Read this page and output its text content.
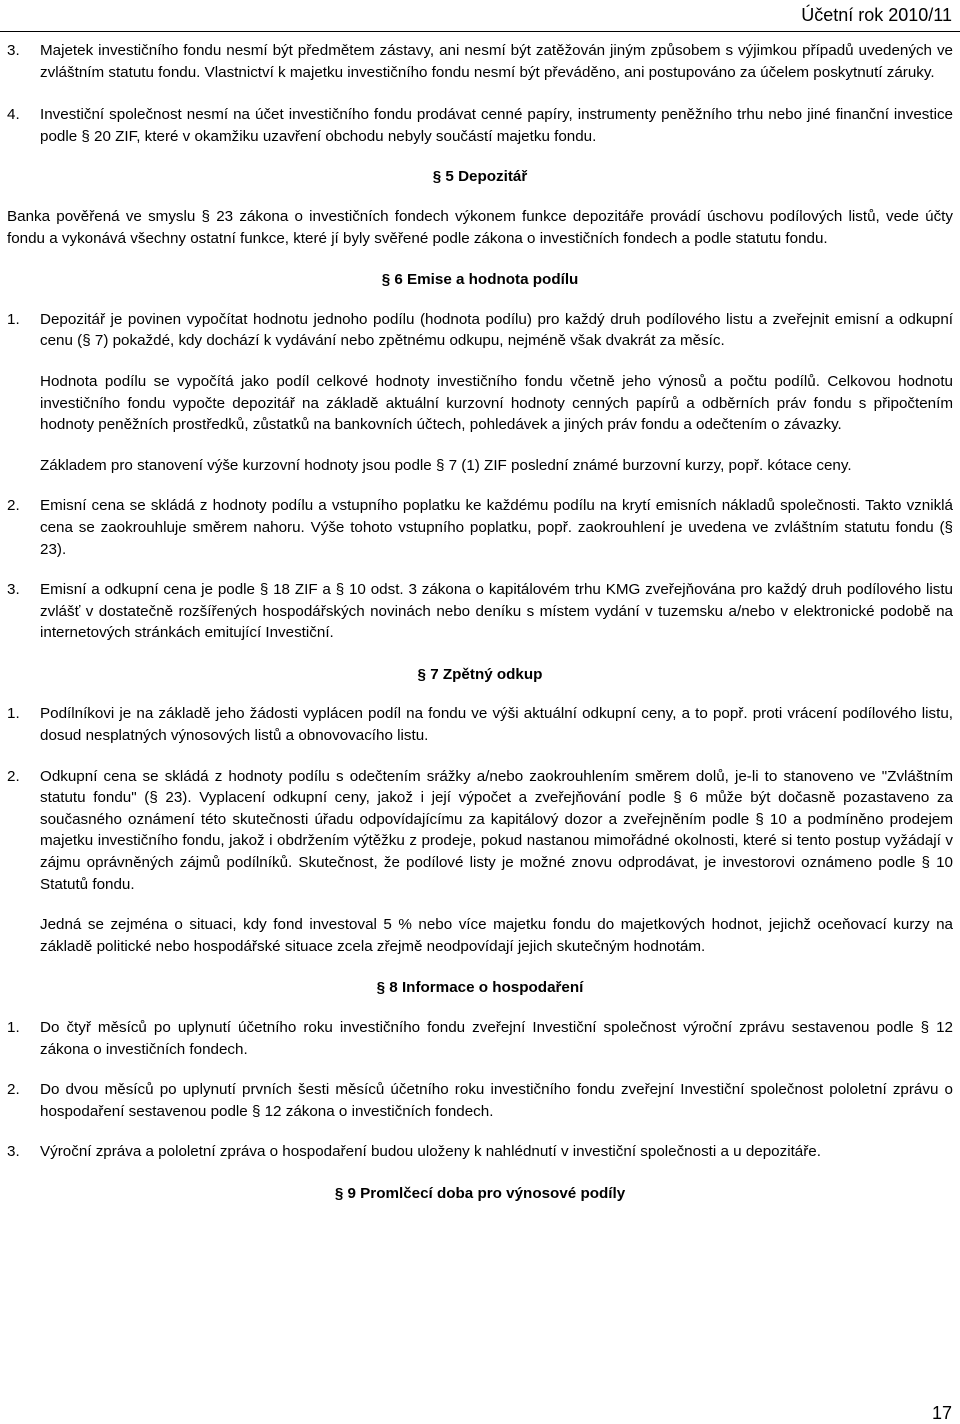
Účetní rok 2010/11
3.	Majetek investičního fondu nesmí být předmětem zástavy, ani nesmí být zatěžován jiným způsobem s výjimkou případů uvedených ve zvláštním statutu fondu. Vlastnictví k majetku investičního fondu nesmí být převáděno, ani postupováno za účelem poskytnutí záruky.
4.	Investiční společnost nesmí na účet investičního fondu prodávat cenné papíry, instrumenty peněžního trhu nebo jiné finanční investice podle § 20 ZIF, které v okamžiku uzavření obchodu nebyly součástí majetku fondu.
§ 5 Depozitář
Banka pověřená ve smyslu § 23 zákona o investičních fondech výkonem funkce depozitáře provádí úschovu podílových listů, vede účty fondu a vykonává všechny ostatní funkce, které jí byly svěřené podle zákona o investičních fondech a podle statutu fondu.
§ 6 Emise a hodnota podílu
1.	Depozitář je povinen vypočítat hodnotu jednoho podílu (hodnota podílu) pro každý druh podílového listu a zveřejnit emisní a odkupní cenu (§ 7) pokaždé, kdy dochází k vydávání nebo zpětnému odkupu, nejméně však dvakrát za měsíc.
Hodnota podílu se vypočítá jako podíl celkové hodnoty investičního fondu včetně jeho výnosů a počtu podílů. Celkovou hodnotu investičního fondu vypočte depozitář na základě aktuální kurzovní hodnoty cenných papírů a odběrních práv fondu s připočtením hodnoty peněžních prostředků, zůstatků na bankovních účtech, pohledávek a jiných práv fondu a odečtením o závazky.
Základem pro stanovení výše kurzovní hodnoty jsou podle § 7 (1) ZIF poslední známé burzovní kurzy, popř. kótace ceny.
2.	Emisní cena se skládá z hodnoty podílu a vstupního poplatku ke každému podílu na krytí emisních nákladů společnosti. Takto vzniklá cena se zaokrouhluje směrem nahoru. Výše tohoto vstupního poplatku, popř. zaokrouhlení je uvedena ve zvláštním statutu fondu (§ 23).
3.	Emisní a odkupní cena je podle § 18 ZIF a § 10 odst. 3 zákona o kapitálovém trhu KMG zveřejňována pro každý druh podílového listu zvlášť v dostatečně rozšířených hospodářských novinách nebo deníku s místem vydání v tuzemsku a/nebo v elektronické podobě na internetových stránkách emitující Investiční.
§ 7 Zpětný odkup
1.	Podílníkovi je na základě jeho žádosti vyplácen podíl na fondu ve výši aktuální odkupní ceny, a to popř. proti vrácení podílového listu, dosud nesplatných výnosových listů a obnovovacího listu.
2.	Odkupní cena se skládá z hodnoty podílu s odečtením srážky a/nebo zaokrouhlením směrem dolů, je-li to stanoveno ve "Zvláštním statutu fondu" (§ 23). Vyplacení odkupní ceny, jakož i její výpočet a zveřejňování podle § 6 může být dočasně pozastaveno za současného oznámení této skutečnosti úřadu odpovídajícímu za kapitálový dozor a zveřejněním podle § 10 a podmíněno prodejem majetku investičního fondu, jakož i obdržením výtěžku z prodeje, pokud nastanou mimořádné okolnosti, které si tento postup vyžádají v zájmu oprávněných zájmů podílníků. Skutečnost, že podílové listy je možné znovu odprodávat, je investorovi oznámeno podle § 10 Statutů fondu.
Jedná se zejména o situaci, kdy fond investoval 5 % nebo více majetku fondu do majetkových hodnot, jejichž oceňovací kurzy na základě politické nebo hospodářské situace zcela zřejmě neodpovídají jejich skutečným hodnotám.
§ 8 Informace o hospodaření
1.	Do čtyř měsíců po uplynutí účetního roku investičního fondu zveřejní Investiční společnost výroční zprávu sestavenou podle § 12 zákona o investičních fondech.
2.	Do dvou měsíců po uplynutí prvních šesti měsíců účetního roku investičního fondu zveřejní Investiční společnost pololetní zprávu o hospodaření sestavenou podle § 12 zákona o investičních fondech.
3.	Výroční zpráva a pololetní zpráva o hospodaření budou uloženy k nahlédnutí v investiční společnosti a u depozitáře.
§ 9 Promlčecí doba pro výnosové podíly
17
